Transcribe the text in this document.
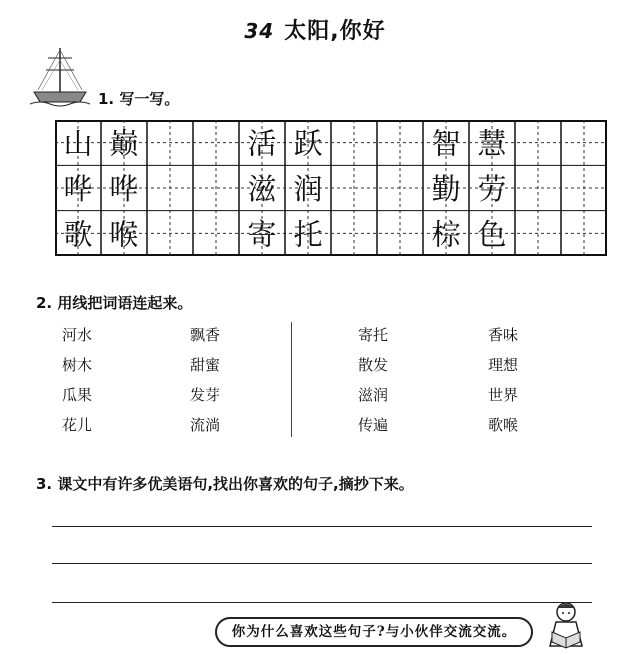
34 太阳,你好
1. 写一写。
山 巅	活 跃	智 慧
哗 哗	滋 润	勤 劳
歌 喉	寄 托	棕 色
2. 用线把词语连起来。
河水
树木
瓜果
花儿
飘香
甜蜜
发芽
流淌
寄托
散发
滋润
传遍
香味
理想
世界
歌喉
3. 课文中有许多优美语句,找出你喜欢的句子,摘抄下来。
你为什么喜欢这些句子?与小伙伴交流交流。
